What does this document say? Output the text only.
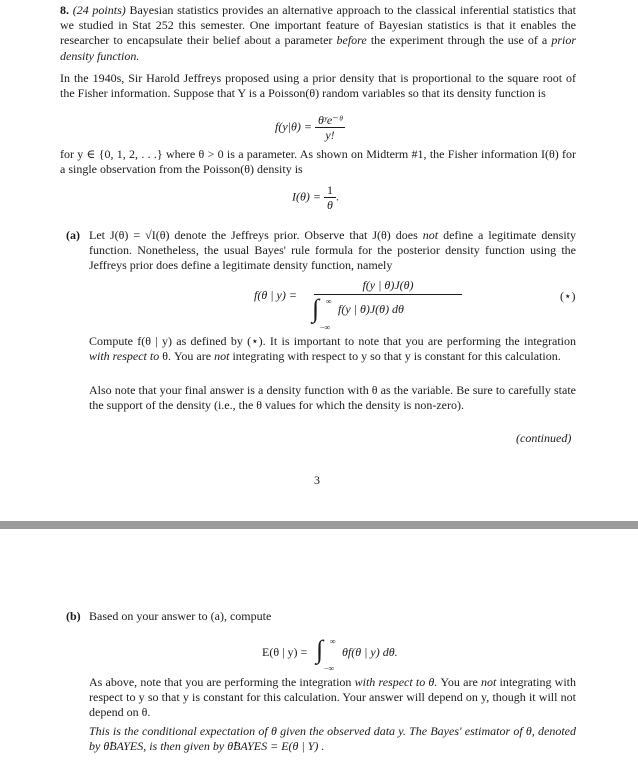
8. (24 points) Bayesian statistics provides an alternative approach to the classical inferential statistics that we studied in Stat 252 this semester. One important feature of Bayesian statistics is that it enables the researcher to encapsulate their belief about a parameter before the experiment through the use of a prior density function.
In the 1940s, Sir Harold Jeffreys proposed using a prior density that is proportional to the square root of the Fisher information. Suppose that Y is a Poisson(θ) random variables so that its density function is
$f(y|\theta) = \frac{\text{θʸe⁻ᶿ}}{y!}$
for y ∈ {0, 1, 2, . . .} where θ > 0 is a parameter. As shown on Midterm #1, the Fisher information I(θ) for a single observation from the Poisson(θ) density is
$I(\theta) = \frac{1}{\theta}$ .
(a) Let J(θ) = √I(θ) denote the Jeffreys prior. Observe that J(θ) does not define a legitimate density function. Nonetheless, the usual Bayes' rule formula for the posterior density function using the Jeffreys prior does define a legitimate density function, namely
f(θ | y) =
f(y | θ)J(θ)
∫ ∞
−∞
f(y | θ)J(θ) dθ
(⋆)
Compute f(θ | y) as defined by (⋆). It is important to note that you are performing the integration with respect to θ. You are not integrating with respect to y so that y is constant for this calculation.
Also note that your final answer is a density function with θ as the variable. Be sure to carefully state the support of the density (i.e., the θ values for which the density is non-zero).
(continued)
3
(b) Based on your answer to (a), compute
E(θ | y) = ∫ ∞
−∞
θf(θ | y) dθ.
As above, note that you are performing the integration with respect to θ. You are not integrating with respect to y so that y is constant for this calculation. Your answer will depend on y, though it will not depend on θ.
This is the conditional expectation of θ given the observed data y. The Bayes' estimator of θ, denoted by θ̂BAYES, is then given by θ̂BAYES = E(θ | Y) .
